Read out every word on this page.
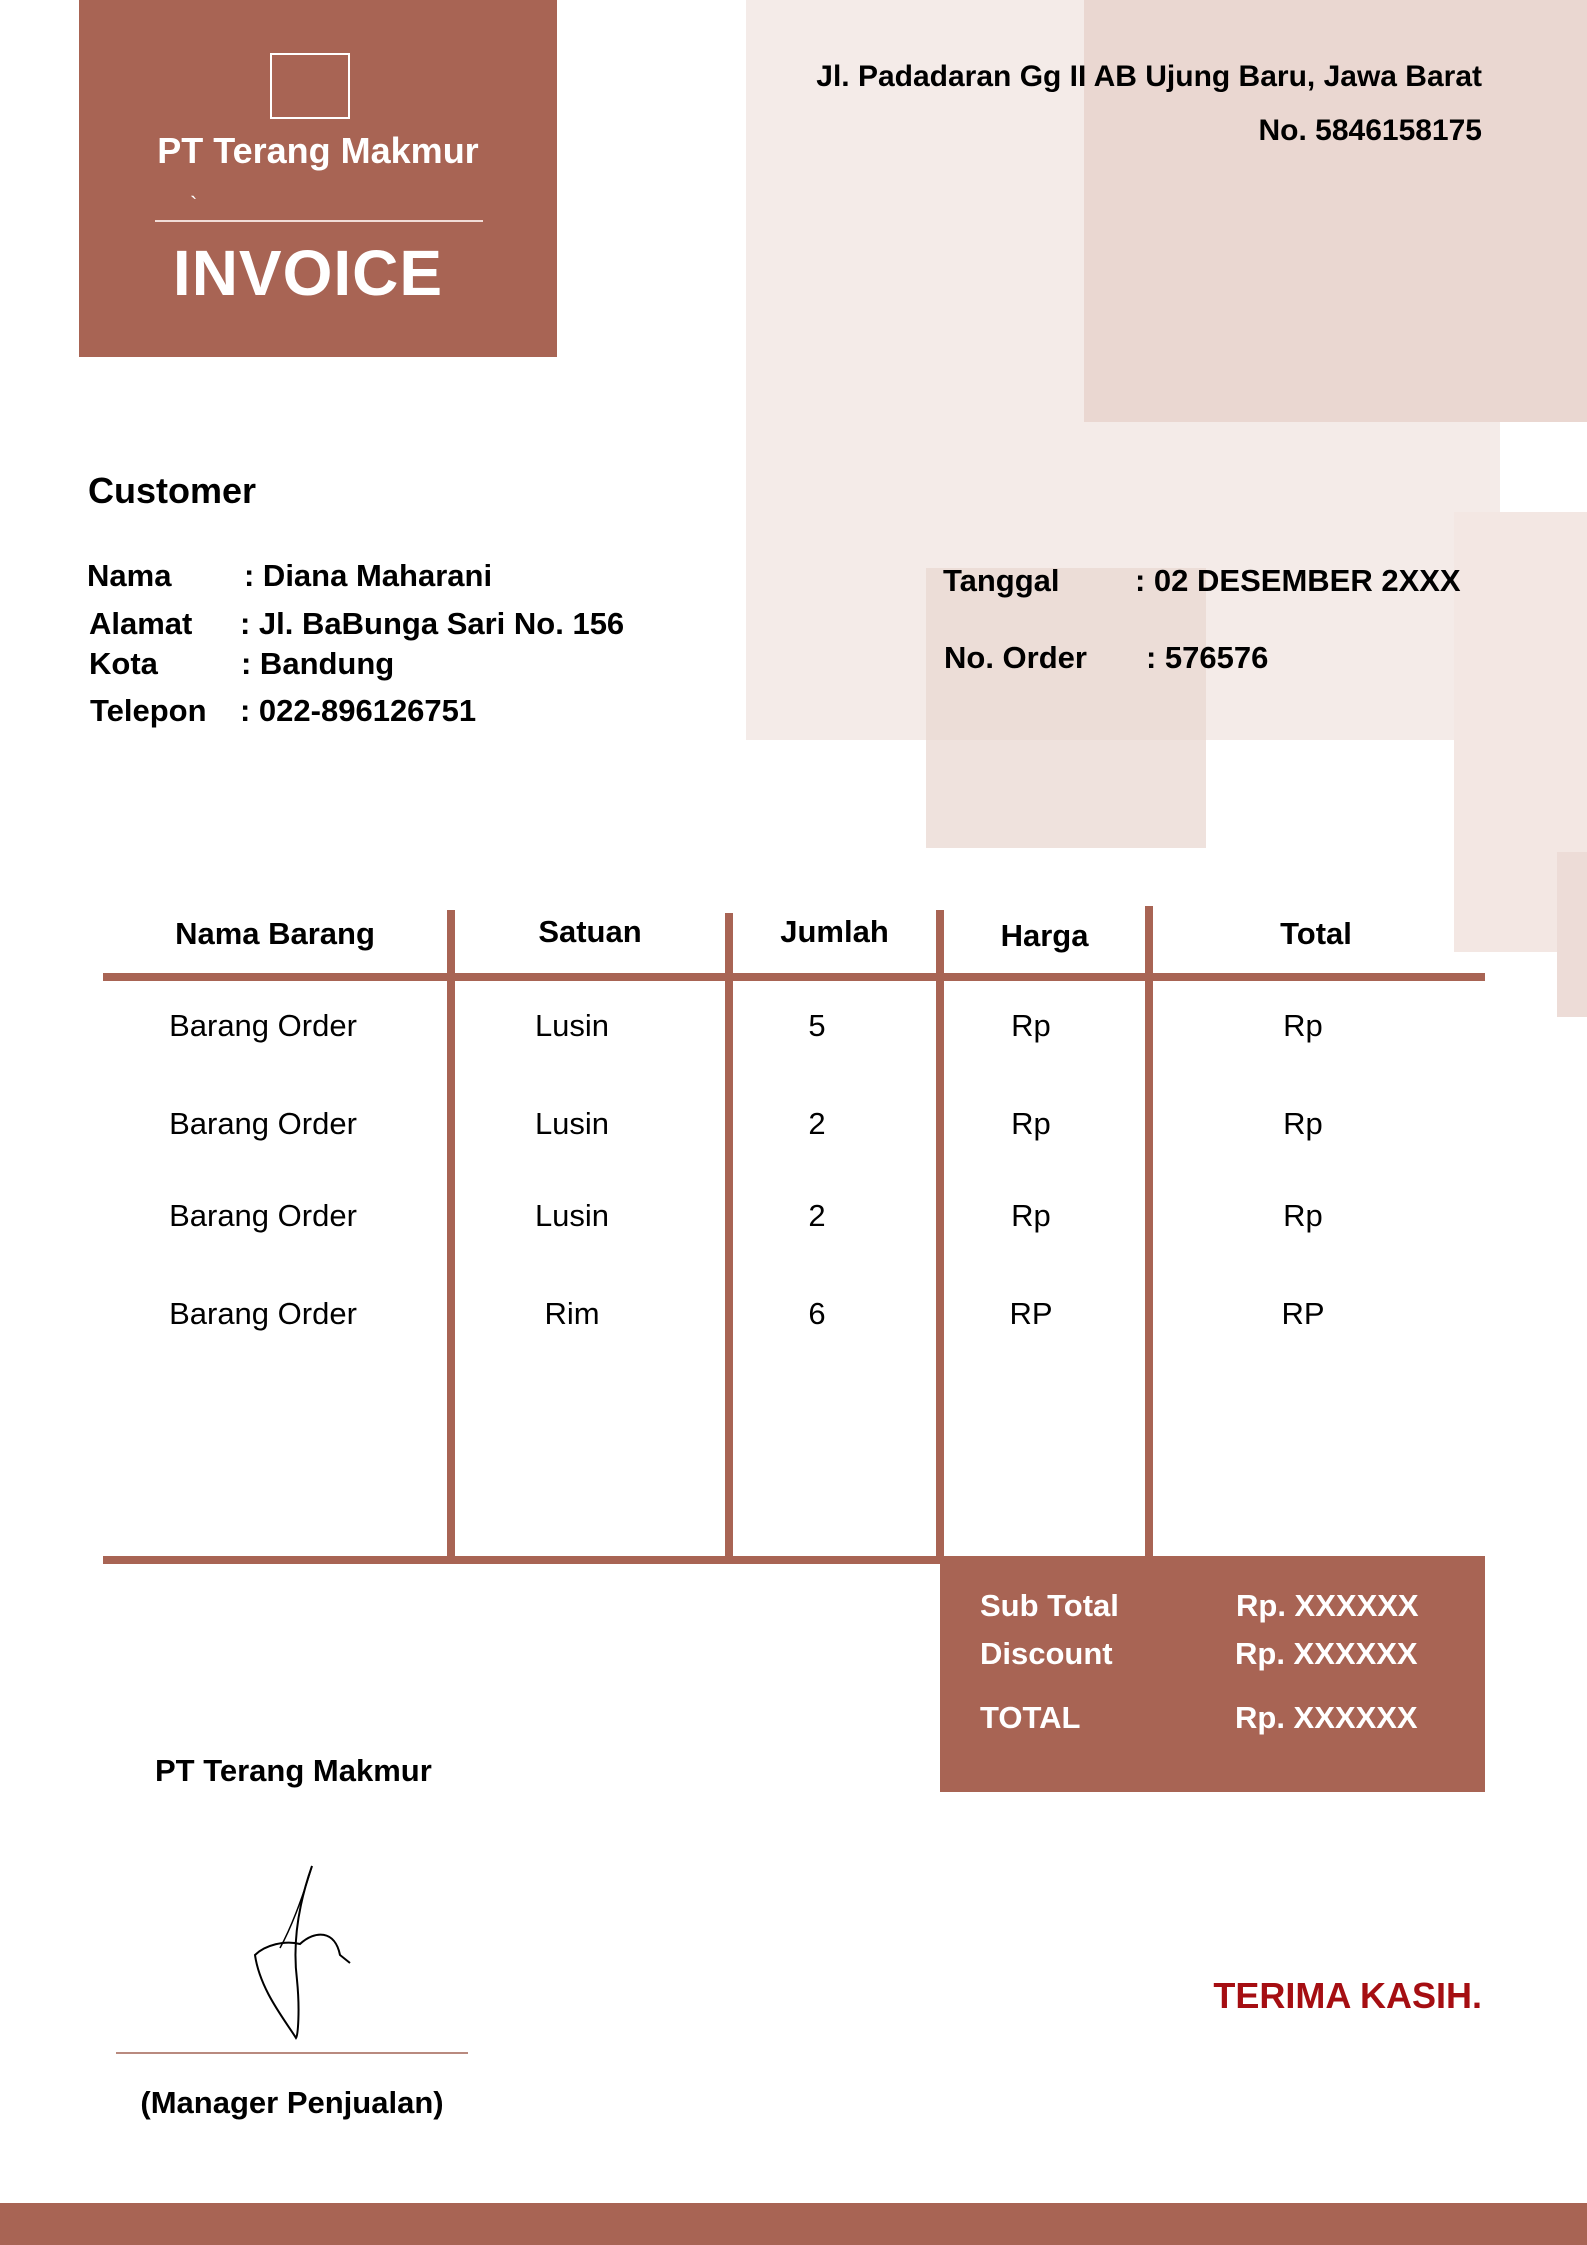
PT Terang Makmur
`
INVOICE
Jl. Padadaran Gg II AB Ujung Baru, Jawa Barat
No. 5846158175
Customer
Nama : Diana Maharani
Alamat : Jl. BaBunga Sari No. 156
Kota	: Bandung
Telepon : 022-896126751
Tanggal : 02 DESEMBER 2XXX
No. Order : 576576
Nama Barang	Satuan	Jumlah	Harga	Total
Barang Order	Lusin	5	Rp	Rp
Barang Order	Lusin	2	Rp	Rp
Barang Order	Lusin	2	Rp	Rp
Barang Order	Rim	6	RP	RP
Sub Total	Rp. XXXXXX
Discount	Rp. XXXXXX
TOTAL	Rp. XXXXXX
PT Terang Makmur
(Manager Penjualan)
TERIMA KASIH.
